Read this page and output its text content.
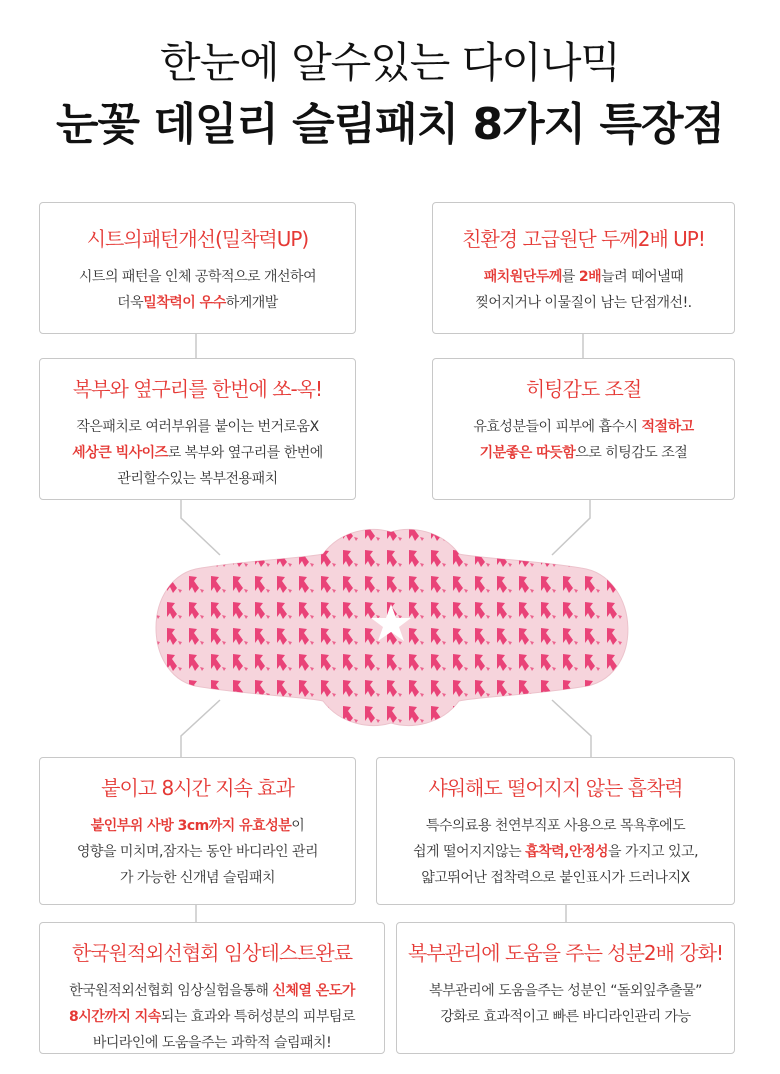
한눈에 알수있는 다이나믹
눈꽃 데일리 슬림패치 8가지 특장점
시트의패턴개선(밀착력UP)
시트의 패턴을 인체 공학적으로 개선하여
더욱밀착력이 우수하게개발
친환경 고급원단 두께2배 UP!
패치원단두께를 2배늘려 떼어낼때
찢어지거나 이물질이 남는 단점개선!.
복부와 옆구리를 한번에 쏘-옥!
작은패치로 여러부위를 붙이는 번거로움X
세상큰 빅사이즈로 복부와 옆구리를 한번에
관리할수있는 복부전용패치
히팅감도 조절
유효성분들이 피부에 흡수시 적절하고
기분좋은 따듯함으로 히팅감도 조절
붙이고 8시간 지속 효과
붙인부위 사방 3cm까지 유효성분이
영향을 미치며,잠자는 동안 바디라인 관리
가 가능한 신개념 슬림패치
샤워해도 떨어지지 않는 흡착력
특수의료용 천연부직포 사용으로 목욕후에도
쉽게 떨어지지않는 흡착력,안정성을 가지고 있고,
얇고뛰어난 접착력으로 붙인표시가 드러나지X
한국원적외선협회 임상테스트완료
한국원적외선협회 임상실험을통해 신체열 온도가
8시간까지 지속되는 효과와 특허성분의 피부팀로
바디라인에 도움을주는 과학적 슬림패치!
복부관리에 도움을 주는 성분2배 강화!
복부관리에 도움을주는 성분인 “돌외잎추출물”
강화로 효과적이고 빠른 바디라인관리 가능
